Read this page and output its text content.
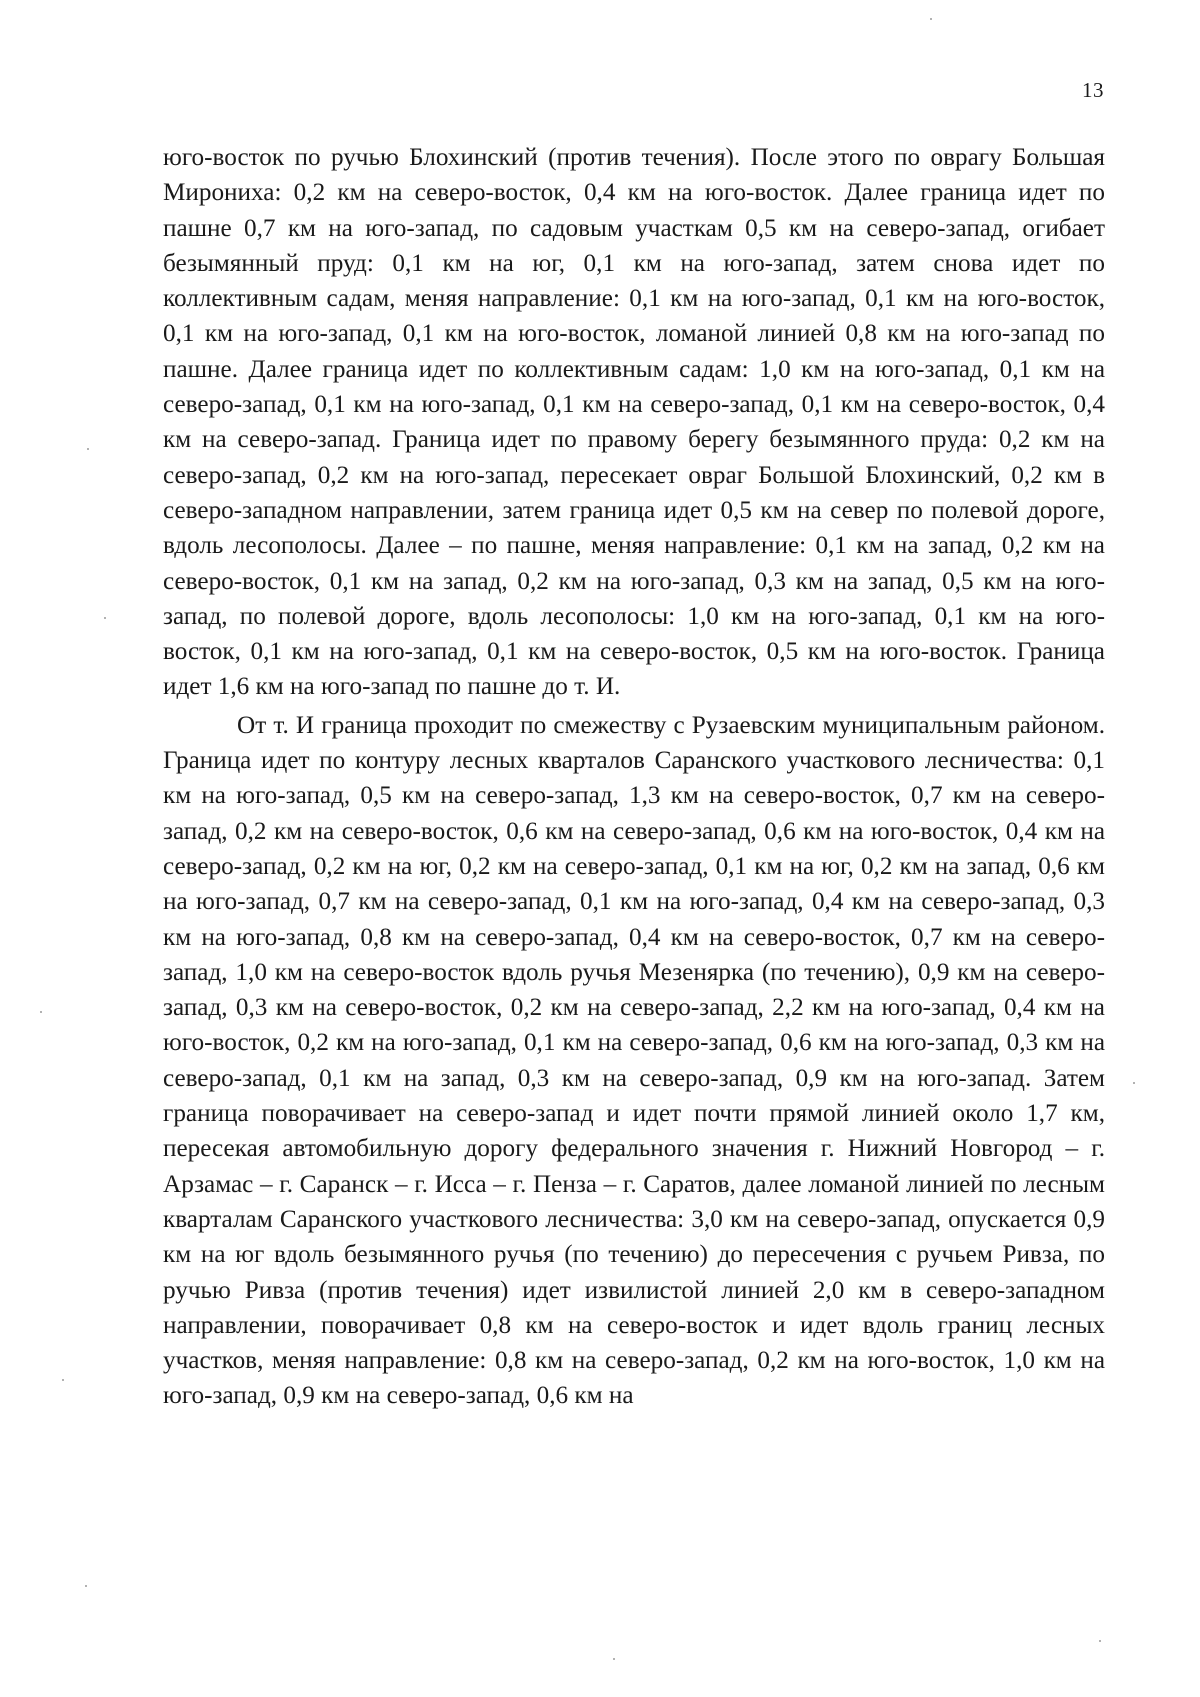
13

юго-восток по ручью Блохинский (против течения). После этого по оврагу Большая Мирониха: 0,2 км на северо-восток, 0,4 км на юго-восток. Далее граница идет по пашне 0,7 км на юго-запад, по садовым участкам 0,5 км на северо-запад, огибает безымянный пруд: 0,1 км на юг, 0,1 км на юго-запад, затем снова идет по коллективным садам, меняя направление: 0,1 км на юго-запад, 0,1 км на юго-восток, 0,1 км на юго-запад, 0,1 км на юго-восток, ломаной линией 0,8 км на юго-запад по пашне. Далее граница идет по коллективным садам: 1,0 км на юго-запад, 0,1 км на северо-запад, 0,1 км на юго-запад, 0,1 км на северо-запад, 0,1 км на северо-восток, 0,4 км на северо-запад. Граница идет по правому берегу безымянного пруда: 0,2 км на северо-запад, 0,2 км на юго-запад, пересекает овраг Большой Блохинский, 0,2 км в северо-западном направлении, затем граница идет 0,5 км на север по полевой дороге, вдоль лесополосы. Далее – по пашне, меняя направление: 0,1 км на запад, 0,2 км на северо-восток, 0,1 км на запад, 0,2 км на юго-запад, 0,3 км на запад, 0,5 км на юго-запад, по полевой дороге, вдоль лесополосы: 1,0 км на юго-запад, 0,1 км на юго-восток, 0,1 км на юго-запад, 0,1 км на северо-восток, 0,5 км на юго-восток. Граница идет 1,6 км на юго-запад по пашне до т. И.

От т. И граница проходит по смежеству с Рузаевским муниципальным районом. Граница идет по контуру лесных кварталов Саранского участкового лесничества: 0,1 км на юго-запад, 0,5 км на северо-запад, 1,3 км на северо-восток, 0,7 км на северо-запад, 0,2 км на северо-восток, 0,6 км на северо-запад, 0,6 км на юго-восток, 0,4 км на северо-запад, 0,2 км на юг, 0,2 км на северо-запад, 0,1 км на юг, 0,2 км на запад, 0,6 км на юго-запад, 0,7 км на северо-запад, 0,1 км на юго-запад, 0,4 км на северо-запад, 0,3 км на юго-запад, 0,8 км на северо-запад, 0,4 км на северо-восток, 0,7 км на северо-запад, 1,0 км на северо-восток вдоль ручья Мезенярка (по течению), 0,9 км на северо-запад, 0,3 км на северо-восток, 0,2 км на северо-запад, 2,2 км на юго-запад, 0,4 км на юго-восток, 0,2 км на юго-запад, 0,1 км на северо-запад, 0,6 км на юго-запад, 0,3 км на северо-запад, 0,1 км на запад, 0,3 км на северо-запад, 0,9 км на юго-запад. Затем граница поворачивает на северо-запад и идет почти прямой линией около 1,7 км, пересекая автомобильную дорогу федерального значения г. Нижний Новгород – г. Арзамас – г. Саранск – г. Исса – г. Пенза – г. Саратов, далее ломаной линией по лесным кварталам Саранского участкового лесничества: 3,0 км на северо-запад, опускается 0,9 км на юг вдоль безымянного ручья (по течению) до пересечения с ручьем Ривза, по ручью Ривза (против течения) идет извилистой линией 2,0 км в северо-западном направлении, поворачивает 0,8 км на северо-восток и идет вдоль границ лесных участков, меняя направление: 0,8 км на северо-запад, 0,2 км на юго-восток, 1,0 км на юго-запад, 0,9 км на северо-запад, 0,6 км на
